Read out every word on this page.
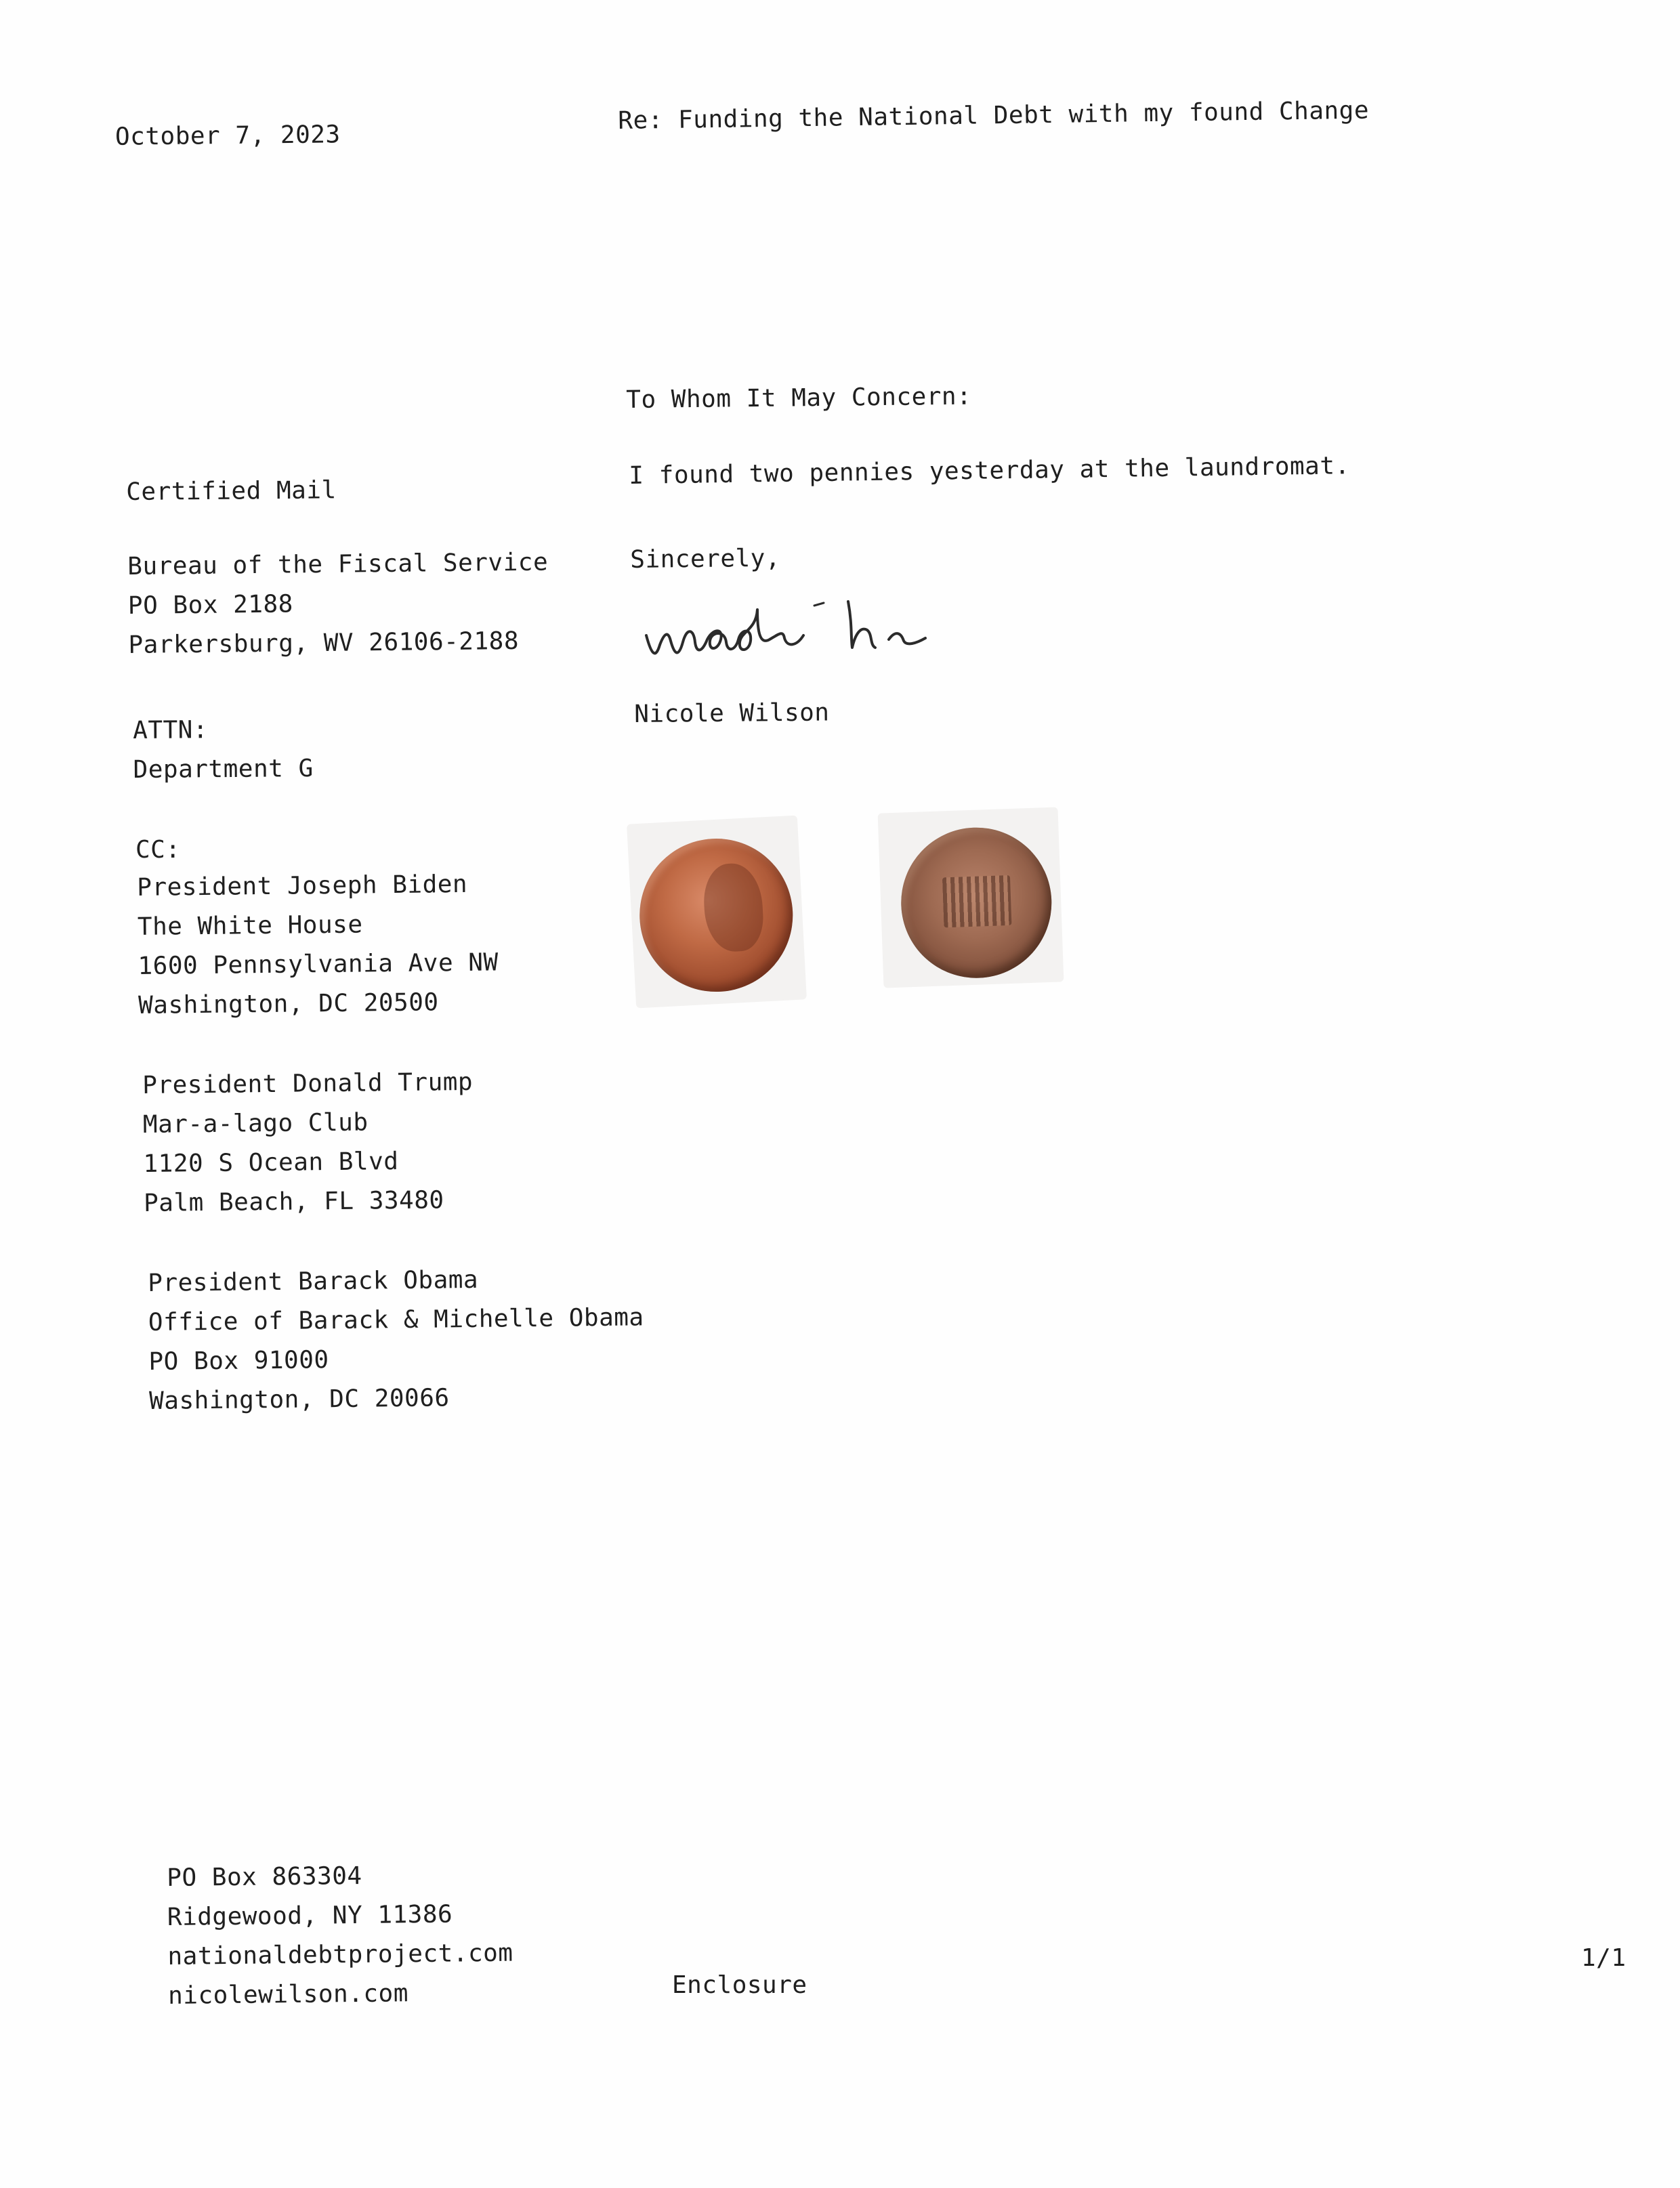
October 7, 2023
Re: Funding the National Debt with my found Change
To Whom It May Concern:
I found two pennies yesterday at the laundromat.
Sincerely,
Nicole Wilson
Certified Mail
Bureau of the Fiscal Service
PO Box 2188
Parkersburg, WV 26106-2188
ATTN:
Department G
CC:
President Joseph Biden
The White House
1600 Pennsylvania Ave NW
Washington, DC 20500
President Donald Trump
Mar-a-lago Club
1120 S Ocean Blvd
Palm Beach, FL 33480
President Barack Obama
Office of Barack & Michelle Obama
PO Box 91000
Washington, DC 20066
PO Box 863304
Ridgewood, NY 11386
nationaldebtproject.com
nicolewilson.com	Enclosure
1/1
